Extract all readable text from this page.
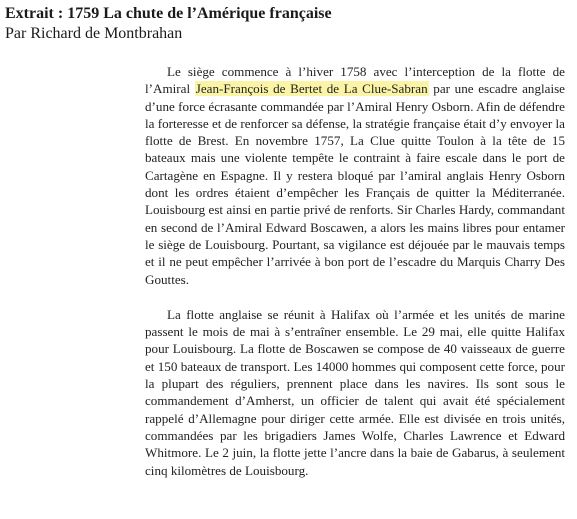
Extrait : 1759 La chute de l’Amérique française
Par Richard de Montbrahan

Le siège commence à l’hiver 1758 avec l’interception de la flotte de l’Amiral Jean-François de Bertet de La Clue-Sabran par une escadre anglaise d’une force écrasante commandée par l’Amiral Henry Osborn. Afin de défendre la forteresse et de renforcer sa défense, la stratégie française était d’y envoyer la flotte de Brest. En novembre 1757, La Clue quitte Toulon à la tête de 15 bateaux mais une violente tempête le contraint à faire escale dans le port de Cartagène en Espagne. Il y restera bloqué par l’amiral anglais Henry Osborn dont les ordres étaient d’empêcher les Français de quitter la Méditerranée. Louisbourg est ainsi en partie privé de renforts. Sir Charles Hardy, commandant en second de l’Amiral Edward Boscawen, a alors les mains libres pour entamer le siège de Louisbourg. Pourtant, sa vigilance est déjouée par le mauvais temps et il ne peut empêcher l’arrivée à bon port de l’escadre du Marquis Charry Des Gouttes.

La flotte anglaise se réunit à Halifax où l’armée et les unités de marine passent le mois de mai à s’entraîner ensemble. Le 29 mai, elle quitte Halifax pour Louisbourg. La flotte de Boscawen se compose de 40 vaisseaux de guerre et 150 bateaux de transport. Les 14000 hommes qui composent cette force, pour la plupart des réguliers, prennent place dans les navires. Ils sont sous le commandement d’Amherst, un officier de talent qui avait été spécialement rappelé d’Allemagne pour diriger cette armée. Elle est divisée en trois unités, commandées par les brigadiers James Wolfe, Charles Lawrence et Edward Whitmore. Le 2 juin, la flotte jette l’ancre dans la baie de Gabarus, à seulement cinq kilomètres de Louisbourg.
